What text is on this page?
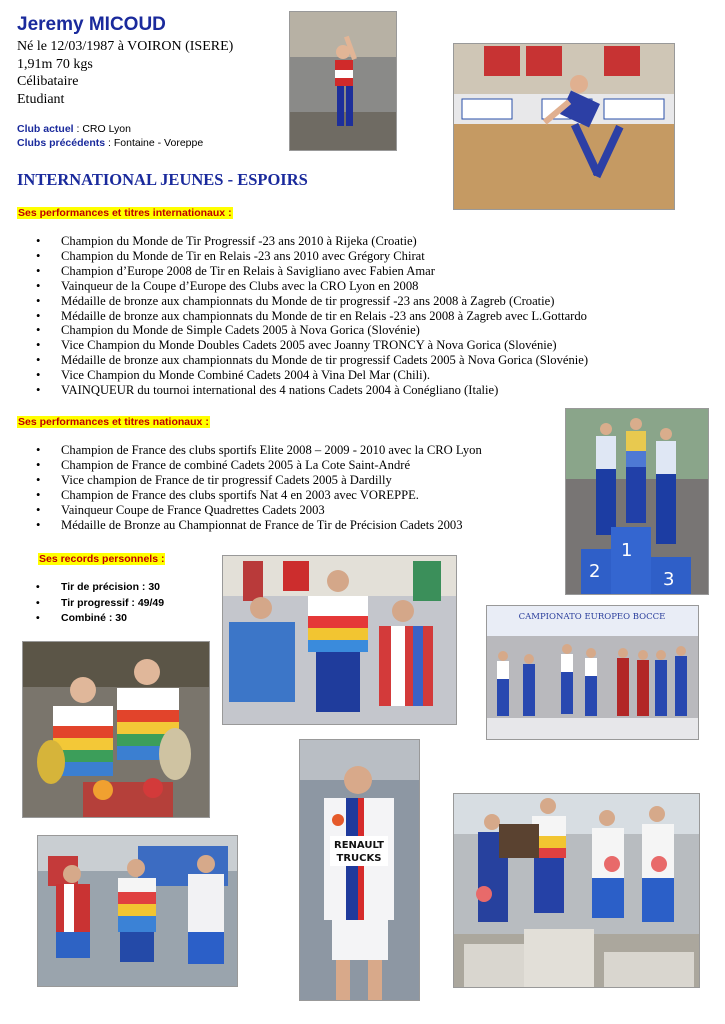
Jeremy MICOUD
Né le 12/03/1987 à VOIRON (ISERE)
1,91m 70 kgs
Célibataire
Etudiant
Club actuel : CRO Lyon
Clubs précédents : Fontaine - Voreppe
INTERNATIONAL JEUNES - ESPOIRS
Ses performances et titres internationaux :
• Champion du Monde de Tir Progressif -23 ans 2010 à Rijeka (Croatie)
• Champion du Monde de Tir en Relais -23 ans 2010 avec Grégory Chirat
• Champion d’Europe 2008 de Tir en Relais à Savigliano avec Fabien Amar
• Vainqueur de la Coupe d’Europe des Clubs avec la CRO Lyon en 2008
• Médaille de bronze aux championnats du Monde de tir progressif -23 ans 2008 à Zagreb (Croatie)
• Médaille de bronze aux championnats du Monde de tir en Relais -23 ans 2008 à Zagreb avec L.Gottardo
• Champion du Monde de Simple Cadets 2005 à Nova Gorica (Slovénie)
• Vice Champion du Monde Doubles Cadets 2005 avec Joanny TRONCY à Nova Gorica (Slovénie)
• Médaille de bronze aux championnats du Monde de tir progressif Cadets 2005 à Nova Gorica (Slovénie)
• Vice Champion du Monde Combiné Cadets 2004 à Vina Del Mar (Chili).
• VAINQUEUR du tournoi international des 4 nations Cadets 2004 à Conégliano (Italie)
Ses performances et titres nationaux :
• Champion de France des clubs sportifs Elite 2008 – 2009 - 2010 avec la CRO Lyon
• Champion de France de combiné Cadets 2005 à La Cote Saint-André
• Vice champion de France de tir progressif Cadets 2005 à Dardilly
• Champion de France des clubs sportifs Nat 4 en 2003 avec VOREPPE.
• Vainqueur Coupe de France Quadrettes Cadets 2003
• Médaille de Bronze au Championnat de France de Tir de Précision Cadets 2003
Ses records personnels :
• Tir de précision : 30
• Tir progressif : 49/49
• Combiné : 30
2
1
3
CAMPIONATO EUROPEO BOCCE
RENAULT
TRUCKS
